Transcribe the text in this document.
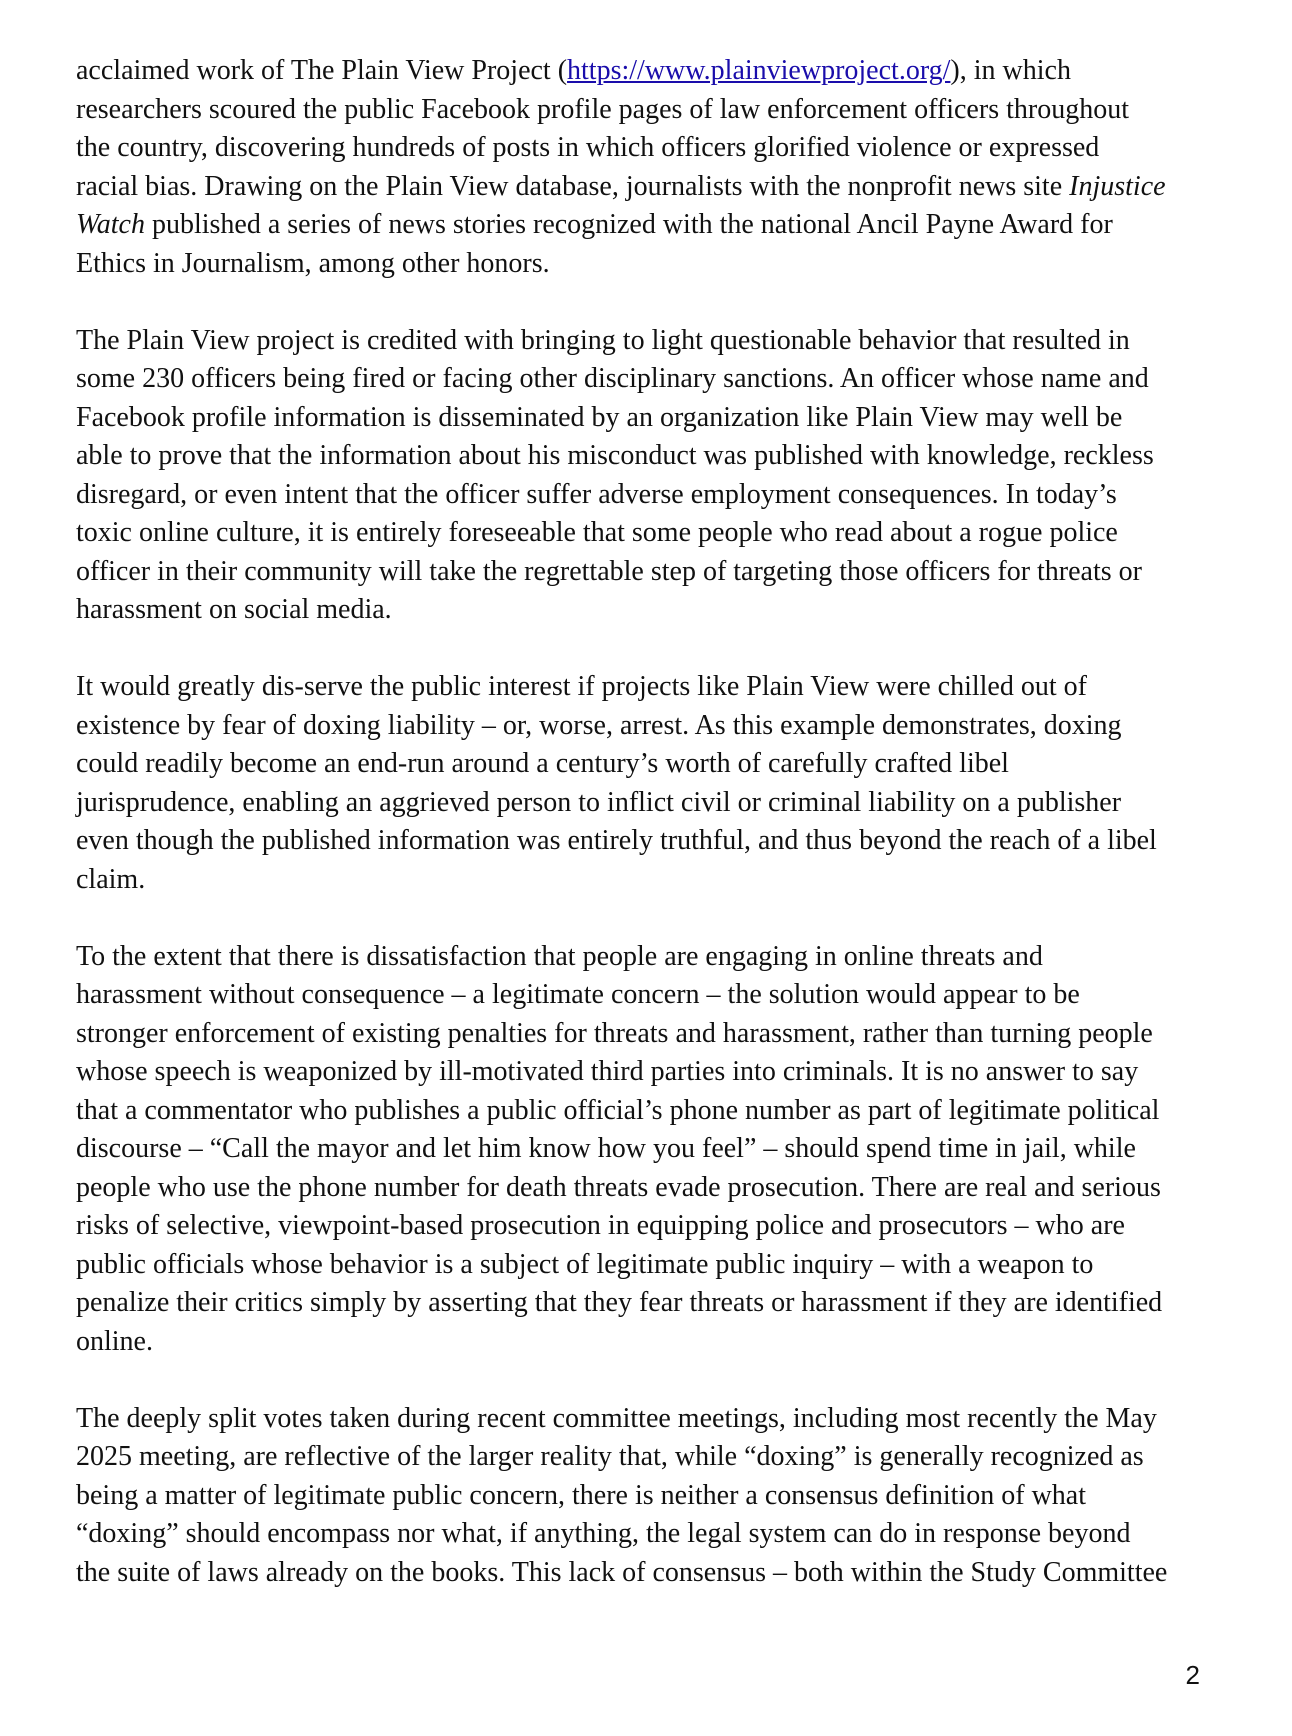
acclaimed work of The Plain View Project (https://www.plainviewproject.org/), in which
researchers scoured the public Facebook profile pages of law enforcement officers throughout
the country, discovering hundreds of posts in which officers glorified violence or expressed
racial bias. Drawing on the Plain View database, journalists with the nonprofit news site Injustice
Watch published a series of news stories recognized with the national Ancil Payne Award for
Ethics in Journalism, among other honors.

The Plain View project is credited with bringing to light questionable behavior that resulted in
some 230 officers being fired or facing other disciplinary sanctions. An officer whose name and
Facebook profile information is disseminated by an organization like Plain View may well be
able to prove that the information about his misconduct was published with knowledge, reckless
disregard, or even intent that the officer suffer adverse employment consequences. In today’s
toxic online culture, it is entirely foreseeable that some people who read about a rogue police
officer in their community will take the regrettable step of targeting those officers for threats or
harassment on social media.

It would greatly dis-serve the public interest if projects like Plain View were chilled out of
existence by fear of doxing liability – or, worse, arrest. As this example demonstrates, doxing
could readily become an end-run around a century’s worth of carefully crafted libel
jurisprudence, enabling an aggrieved person to inflict civil or criminal liability on a publisher
even though the published information was entirely truthful, and thus beyond the reach of a libel
claim.

To the extent that there is dissatisfaction that people are engaging in online threats and
harassment without consequence – a legitimate concern – the solution would appear to be
stronger enforcement of existing penalties for threats and harassment, rather than turning people
whose speech is weaponized by ill-motivated third parties into criminals. It is no answer to say
that a commentator who publishes a public official’s phone number as part of legitimate political
discourse – “Call the mayor and let him know how you feel” – should spend time in jail, while
people who use the phone number for death threats evade prosecution. There are real and serious
risks of selective, viewpoint-based prosecution in equipping police and prosecutors – who are
public officials whose behavior is a subject of legitimate public inquiry – with a weapon to
penalize their critics simply by asserting that they fear threats or harassment if they are identified
online.

The deeply split votes taken during recent committee meetings, including most recently the May
2025 meeting, are reflective of the larger reality that, while “doxing” is generally recognized as
being a matter of legitimate public concern, there is neither a consensus definition of what
“doxing” should encompass nor what, if anything, the legal system can do in response beyond
the suite of laws already on the books. This lack of consensus – both within the Study Committee

2
